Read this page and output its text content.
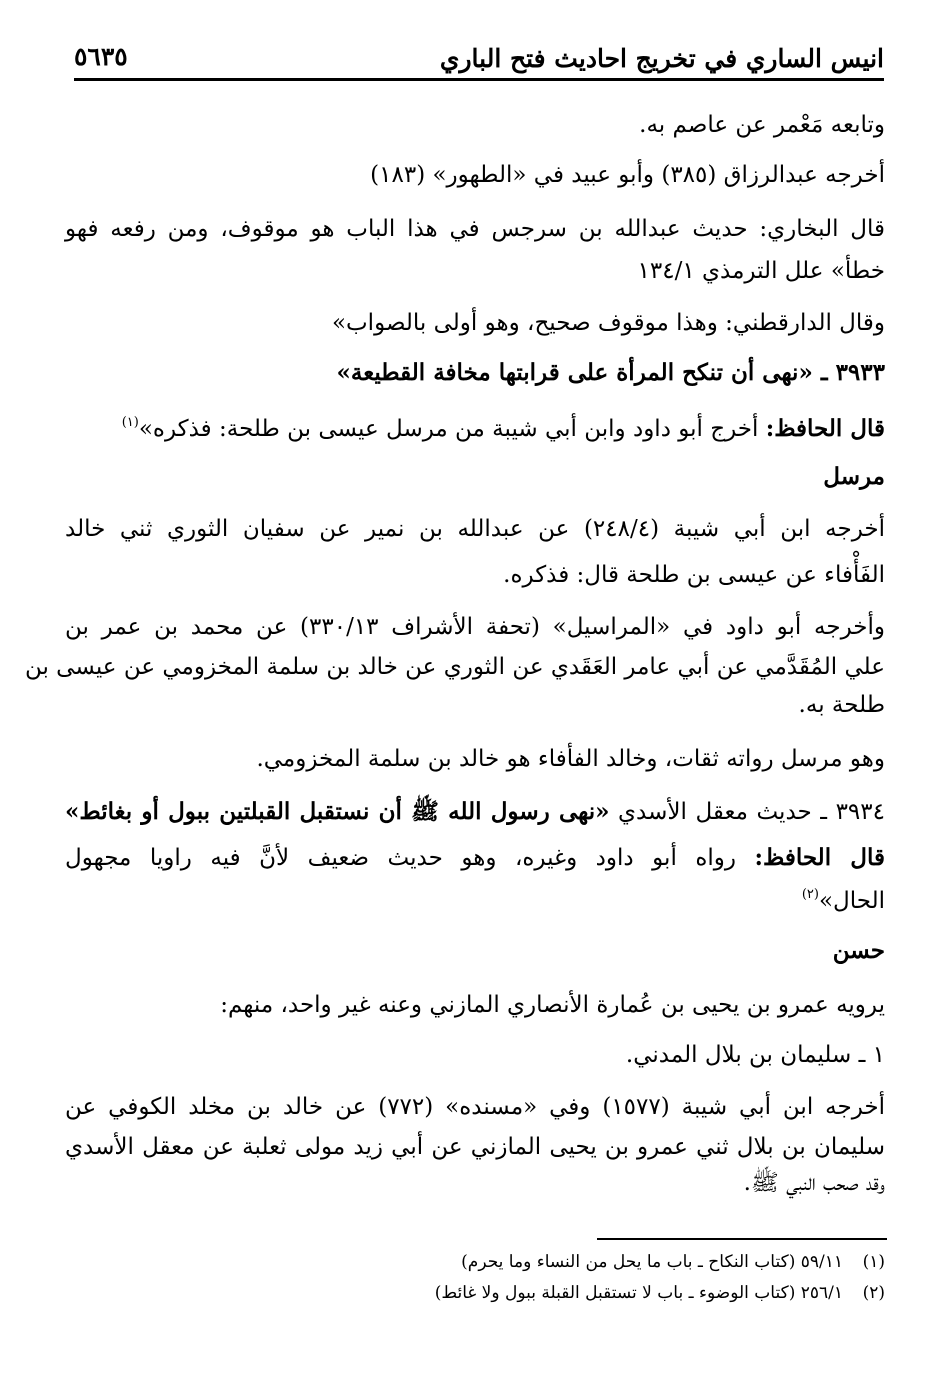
انيس الساري في تخريج احاديث فتح الباري
٥٦٣٥
وتابعه مَعْمر عن عاصم به.
أخرجه عبدالرزاق (٣٨٥) وأبو عبيد في «الطهور» (١٨٣)
قال البخاري: حديث عبدالله بن سرجس في هذا الباب هو موقوف، ومن رفعه فهو
خطأ» علل الترمذي ١٣٤/١
وقال الدارقطني: وهذا موقوف صحيح، وهو أولى بالصواب»
٣٩٣٣ ـ «نهى أن تنكح المرأة على قرابتها مخافة القطيعة»
قال الحافظ: أخرج أبو داود وابن أبي شيبة من مرسل عيسى بن طلحة: فذكره»$^{(١)}$
مرسل
أخرجه ابن أبي شيبة (٢٤٨/٤) عن عبدالله بن نمير عن سفيان الثوري ثني خالد
الفَأْفاء عن عيسى بن طلحة قال: فذكره.
وأخرجه أبو داود في «المراسيل» (تحفة الأشراف ٣٣٠/١٣) عن محمد بن عمر بن
علي المُقَدَّمي عن أبي عامر العَقَدي عن الثوري عن خالد بن سلمة المخزومي عن عيسى بن
طلحة به.
وهو مرسل رواته ثقات، وخالد الفأفاء هو خالد بن سلمة المخزومي.
٣٩٣٤ ـ حديث معقل الأسدي «نهى رسول الله ﷺ أن نستقبل القبلتين ببول أو بغائط»
قال الحافظ: رواه أبو داود وغيره، وهو حديث ضعيف لأنَّ فيه راويا مجهول
الحال»$^{(٢)}$
حسن
يرويه عمرو بن يحيى بن عُمارة الأنصاري المازني وعنه غير واحد، منهم:
١ ـ سليمان بن بلال المدني.
أخرجه ابن أبي شيبة (١٥٧٧) وفي «مسنده» (٧٧٢) عن خالد بن مخلد الكوفي عن
سليمان بن بلال ثني عمرو بن يحيى المازني عن أبي زيد مولى ثعلبة عن معقل الأسدي
وقد صحب النبي ﷺ.
(١)٥٩/١١ (كتاب النكاح ـ باب ما يحل من النساء وما يحرم)
(٢)٢٥٦/١ (كتاب الوضوء ـ باب لا تستقبل القبلة ببول ولا غائط)
